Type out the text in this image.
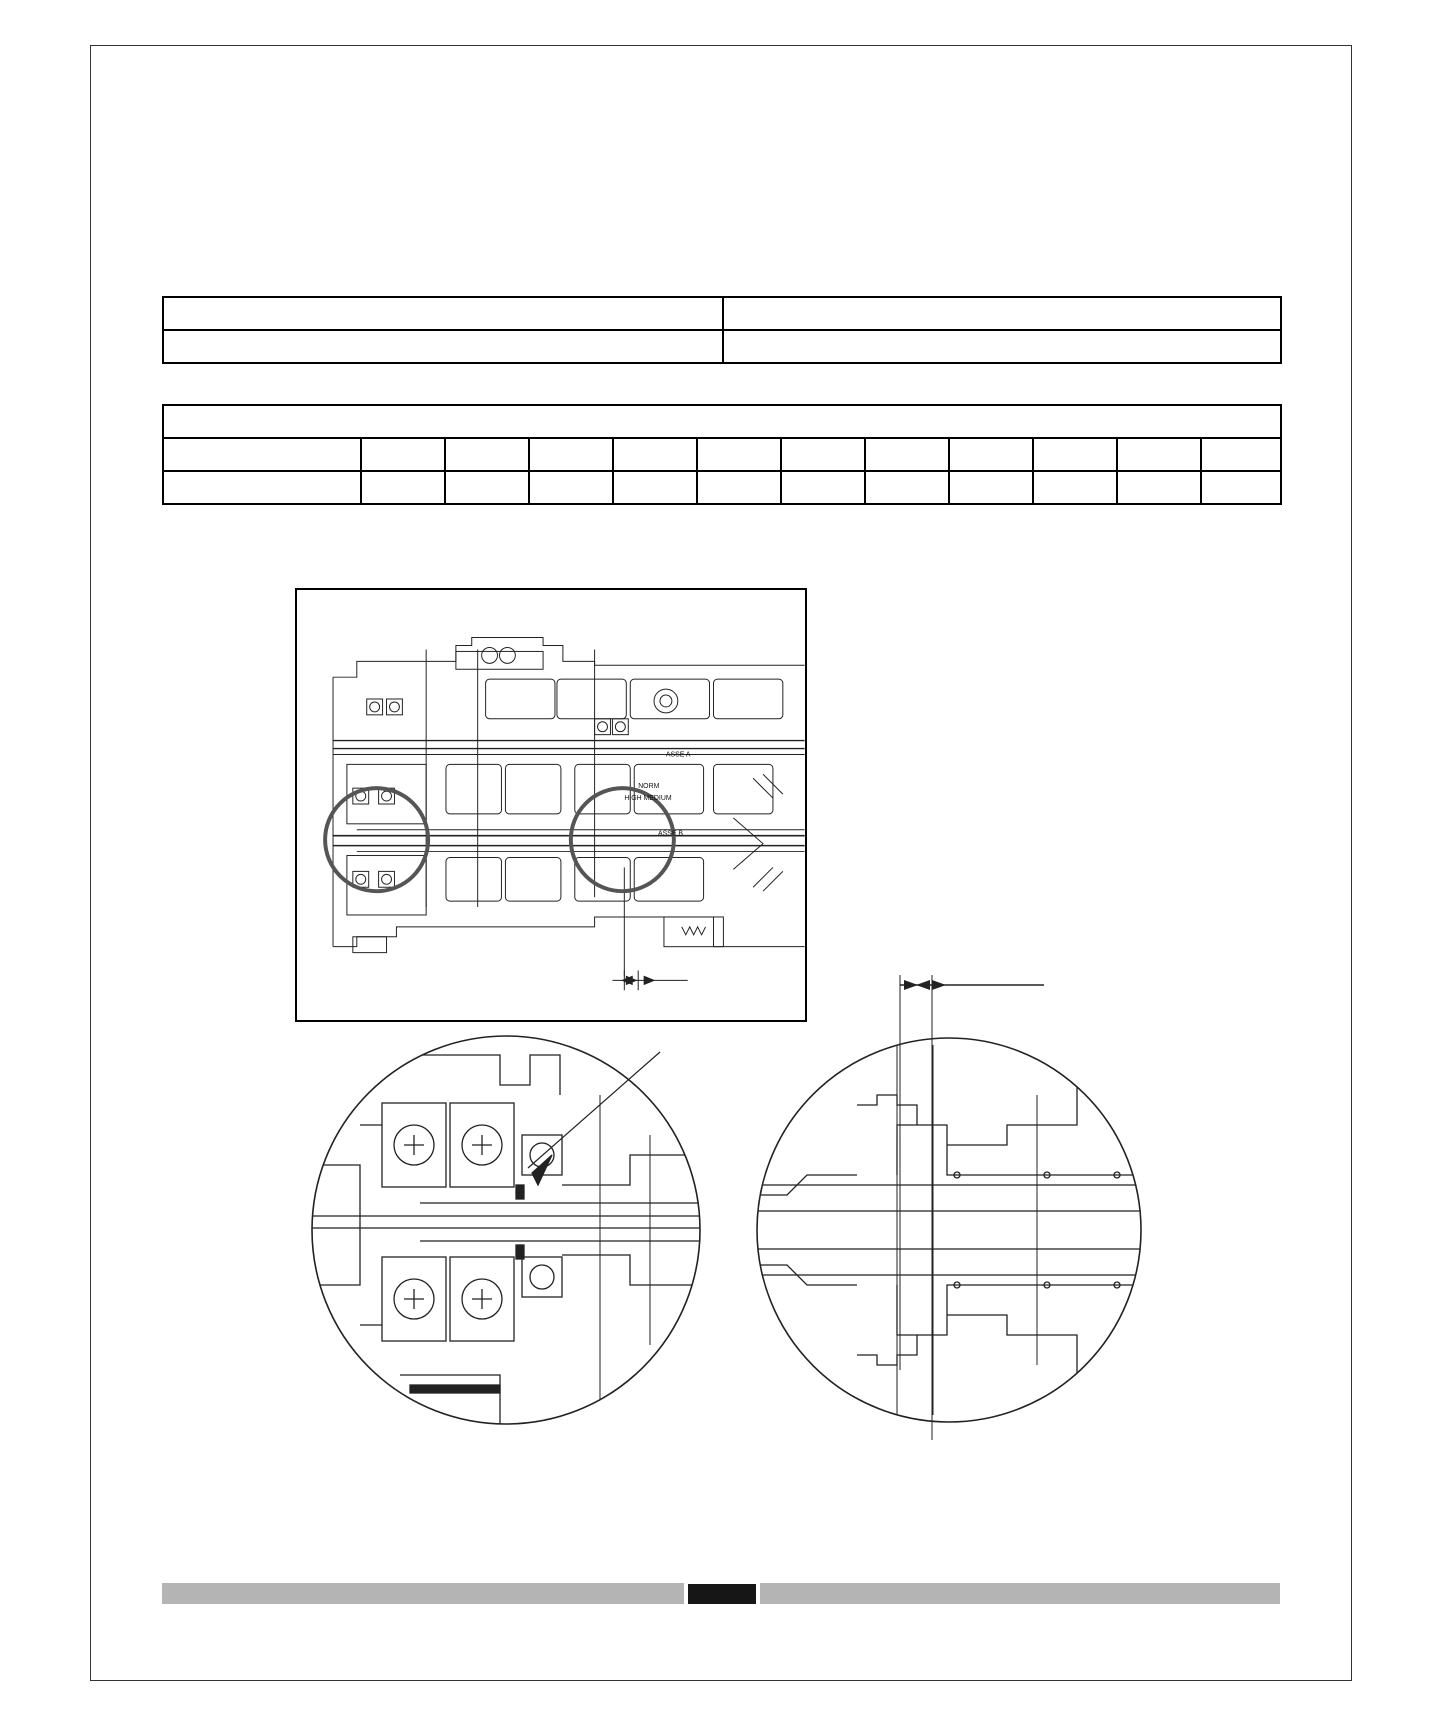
ASSE A
ASSE B
NORM
HIGH MEDIUM
